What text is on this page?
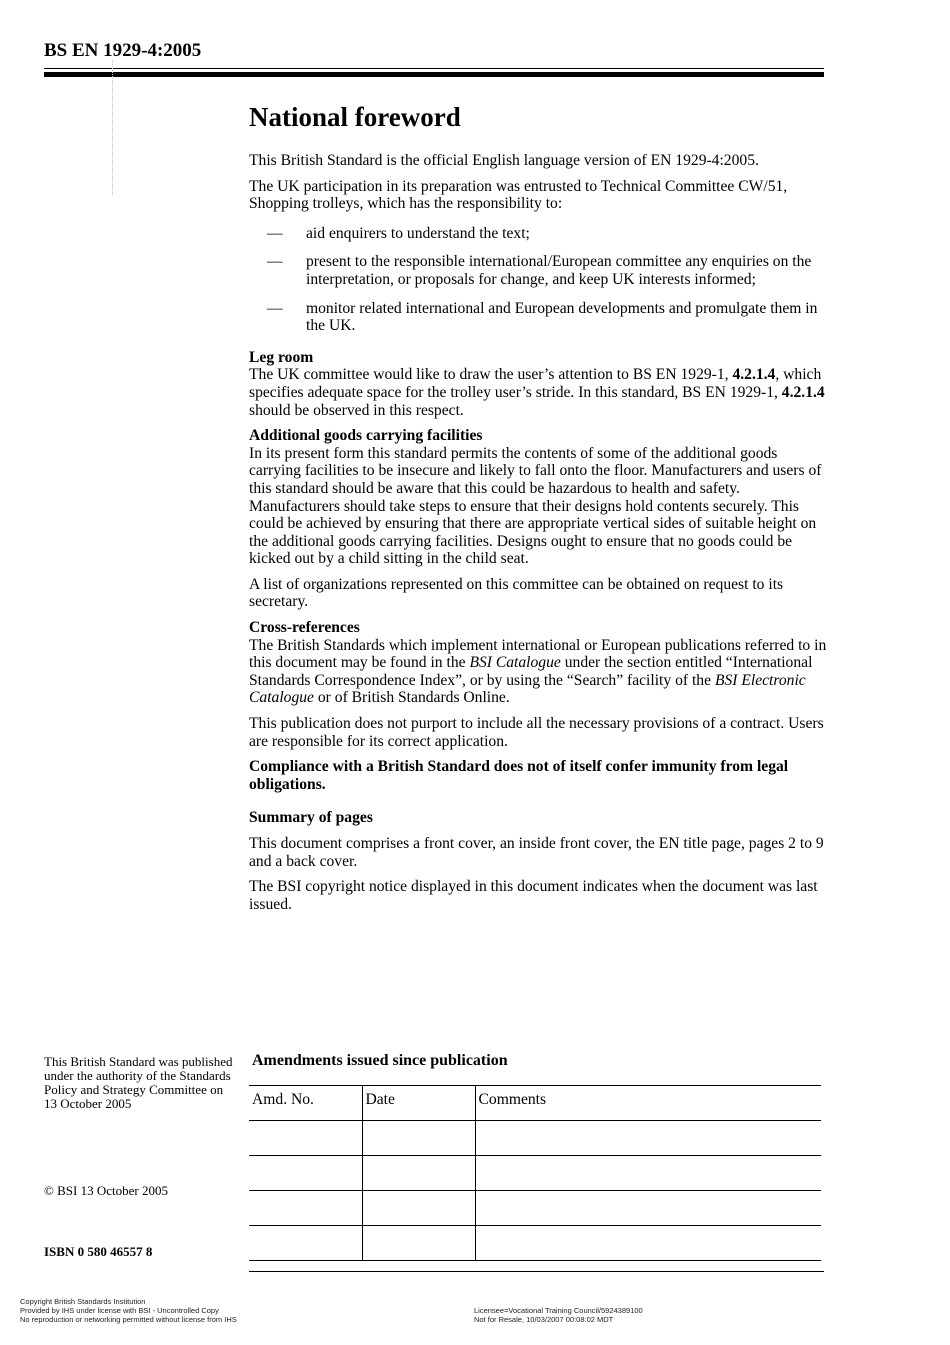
BS EN 1929-4:2005
National foreword

This British Standard is the official English language version of EN 1929-4:2005.

The UK participation in its preparation was entrusted to Technical Committee CW/51, Shopping trolleys, which has the responsibility to:

—	aid enquirers to understand the text;
—	present to the responsible international/European committee any enquiries on the interpretation, or proposals for change, and keep UK interests informed;
—	monitor related international and European developments and promulgate them in the UK.
Leg room
The UK committee would like to draw the user’s attention to BS EN 1929-1, 4.2.1.4, which specifies adequate space for the trolley user’s stride. In this standard, BS EN 1929-1, 4.2.1.4 should be observed in this respect.
Additional goods carrying facilities
In its present form this standard permits the contents of some of the additional goods carrying facilities to be insecure and likely to fall onto the floor. Manufacturers and users of this standard should be aware that this could be hazardous to health and safety. Manufacturers should take steps to ensure that their designs hold contents securely. This could be achieved by ensuring that there are appropriate vertical sides of suitable height on the additional goods carrying facilities. Designs ought to ensure that no goods could be kicked out by a child sitting in the child seat.

A list of organizations represented on this committee can be obtained on request to its secretary.

Cross-references
The British Standards which implement international or European publications referred to in this document may be found in the BSI Catalogue under the section entitled “International Standards Correspondence Index”, or by using the “Search” facility of the BSI Electronic Catalogue or of British Standards Online.

This publication does not purport to include all the necessary provisions of a contract. Users are responsible for its correct application.

Compliance with a British Standard does not of itself confer immunity from legal obligations.

Summary of pages

This document comprises a front cover, an inside front cover, the EN title page, pages 2 to 9 and a back cover.

The BSI copyright notice displayed in this document indicates when the document was last issued.

This British Standard was published under the authority of the Standards Policy and Strategy Committee on 13 October 2005
© BSI 13 October 2005
ISBN 0 580 46557 8
Amendments issued since publication
Amd. No.	Date	Comments

Copyright British Standards Institution
Provided by IHS under license with BSI - Uncontrolled Copy
No reproduction or networking permitted without license from IHS
Licensee=Vocational Training Council/5924389100
Not for Resale, 10/03/2007 00:08:02 MDT
